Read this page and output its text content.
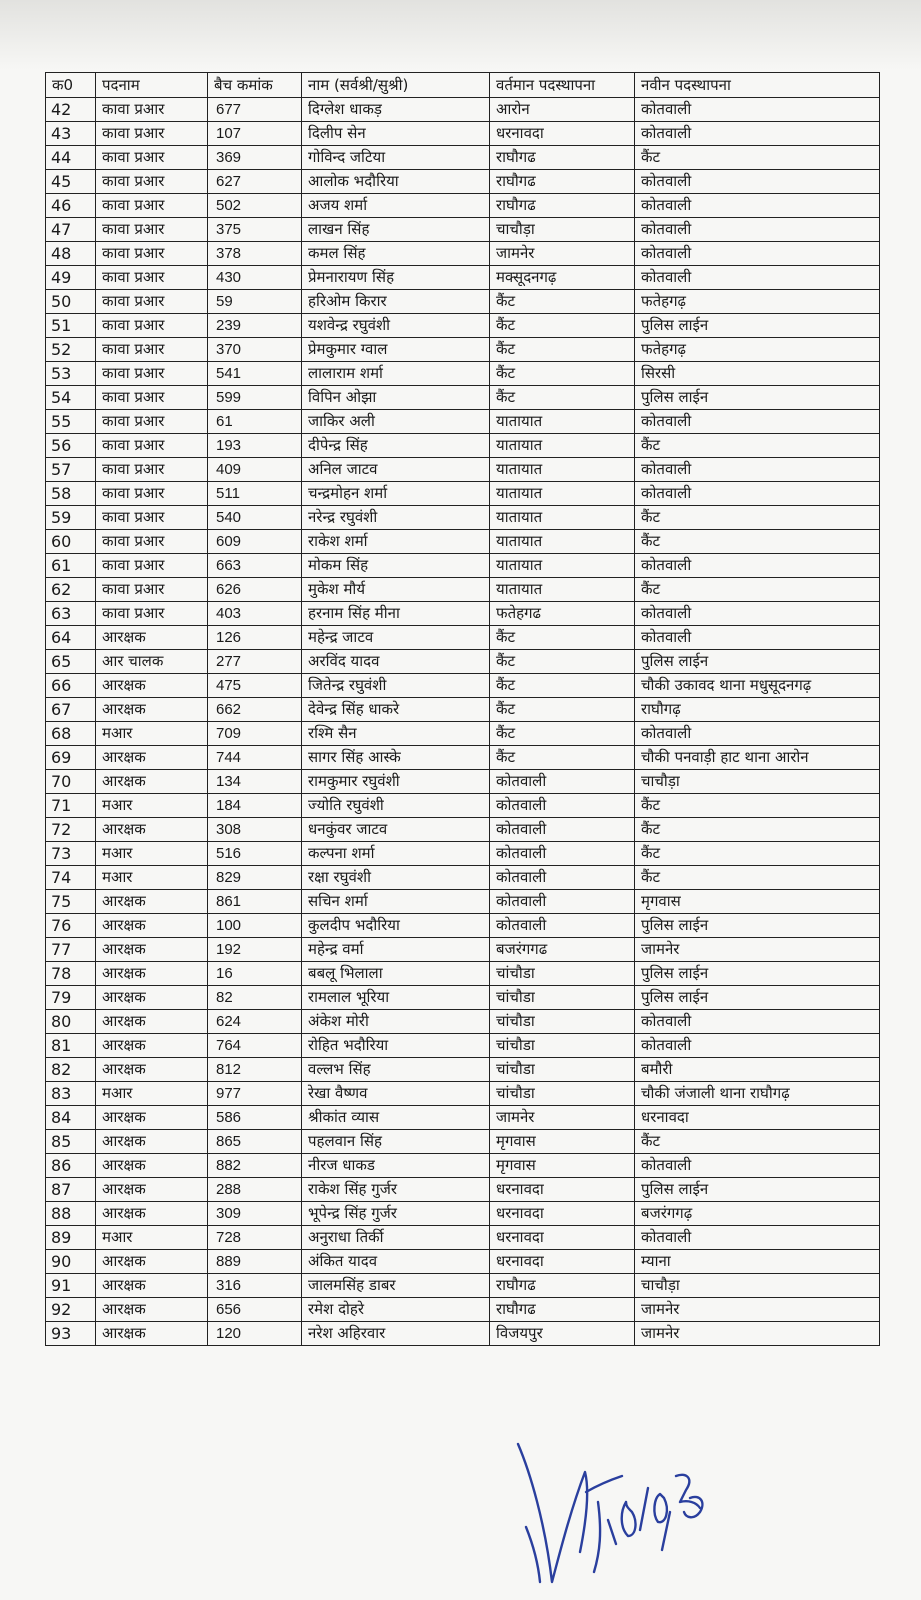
क0	पदनाम	बैच कमांक	नाम (सर्वश्री/सुश्री)	वर्तमान पदस्थापना	नवीन पदस्थापना
42	कावा प्रआर	677	दिग्लेश धाकड़	आरोन	कोतवाली
43	कावा प्रआर	107	दिलीप सेन	धरनावदा	कोतवाली
44	कावा प्रआर	369	गोविन्द जटिया	राघौगढ	कैंट
45	कावा प्रआर	627	आलोक भदौरिया	राघौगढ	कोतवाली
46	कावा प्रआर	502	अजय शर्मा	राघौगढ	कोतवाली
47	कावा प्रआर	375	लाखन सिंह	चाचौड़ा	कोतवाली
48	कावा प्रआर	378	कमल सिंह	जामनेर	कोतवाली
49	कावा प्रआर	430	प्रेमनारायण सिंह	मक्सूदनगढ़	कोतवाली
50	कावा प्रआर	59	हरिओम किरार	कैंट	फतेहगढ़
51	कावा प्रआर	239	यशवेन्द्र रघुवंशी	कैंट	पुलिस लाईन
52	कावा प्रआर	370	प्रेमकुमार ग्वाल	कैंट	फतेहगढ़
53	कावा प्रआर	541	लालाराम शर्मा	कैंट	सिरसी
54	कावा प्रआर	599	विपिन ओझा	कैंट	पुलिस लाईन
55	कावा प्रआर	61	जाकिर अली	यातायात	कोतवाली
56	कावा प्रआर	193	दीपेन्द्र सिंह	यातायात	कैंट
57	कावा प्रआर	409	अनिल जाटव	यातायात	कोतवाली
58	कावा प्रआर	511	चन्द्रमोहन शर्मा	यातायात	कोतवाली
59	कावा प्रआर	540	नरेन्द्र रघुवंशी	यातायात	कैंट
60	कावा प्रआर	609	राकेश शर्मा	यातायात	कैंट
61	कावा प्रआर	663	मोकम सिंह	यातायात	कोतवाली
62	कावा प्रआर	626	मुकेश मौर्य	यातायात	कैंट
63	कावा प्रआर	403	हरनाम सिंह मीना	फतेहगढ	कोतवाली
64	आरक्षक	126	महेन्द्र जाटव	कैंट	कोतवाली
65	आर चालक	277	अरविंद यादव	कैंट	पुलिस लाईन
66	आरक्षक	475	जितेन्द्र रघुवंशी	कैंट	चौकी उकावद थाना मधुसूदनगढ़
67	आरक्षक	662	देवेन्द्र सिंह धाकरे	कैंट	राघौगढ़
68	मआर	709	रश्मि सैन	कैंट	कोतवाली
69	आरक्षक	744	सागर सिंह आस्के	कैंट	चौकी पनवाड़ी हाट थाना आरोन
70	आरक्षक	134	रामकुमार रघुवंशी	कोतवाली	चाचौड़ा
71	मआर	184	ज्योति रघुवंशी	कोतवाली	कैंट
72	आरक्षक	308	धनकुंवर जाटव	कोतवाली	कैंट
73	मआर	516	कल्पना शर्मा	कोतवाली	कैंट
74	मआर	829	रक्षा रघुवंशी	कोतवाली	कैंट
75	आरक्षक	861	सचिन शर्मा	कोतवाली	मृगवास
76	आरक्षक	100	कुलदीप भदौरिया	कोतवाली	पुलिस लाईन
77	आरक्षक	192	महेन्द्र वर्मा	बजरंगगढ	जामनेर
78	आरक्षक	16	बबलू भिलाला	चांचौडा	पुलिस लाईन
79	आरक्षक	82	रामलाल भूरिया	चांचौडा	पुलिस लाईन
80	आरक्षक	624	अंकेश मोरी	चांचौडा	कोतवाली
81	आरक्षक	764	रोहित भदौरिया	चांचौडा	कोतवाली
82	आरक्षक	812	वल्लभ सिंह	चांचौडा	बमौरी
83	मआर	977	रेखा वैष्णव	चांचौडा	चौकी जंजाली थाना राघौगढ़
84	आरक्षक	586	श्रीकांत व्यास	जामनेर	धरनावदा
85	आरक्षक	865	पहलवान सिंह	मृगवास	कैंट
86	आरक्षक	882	नीरज धाकड	मृगवास	कोतवाली
87	आरक्षक	288	राकेश सिंह गुर्जर	धरनावदा	पुलिस लाईन
88	आरक्षक	309	भूपेन्द्र सिंह गुर्जर	धरनावदा	बजरंगगढ़
89	मआर	728	अनुराधा तिर्की	धरनावदा	कोतवाली
90	आरक्षक	889	अंकित यादव	धरनावदा	म्याना
91	आरक्षक	316	जालमसिंह डाबर	राघौगढ	चाचौड़ा
92	आरक्षक	656	रमेश दोहरे	राघौगढ	जामनेर
93	आरक्षक	120	नरेश अहिरवार	विजयपुर	जामनेर
